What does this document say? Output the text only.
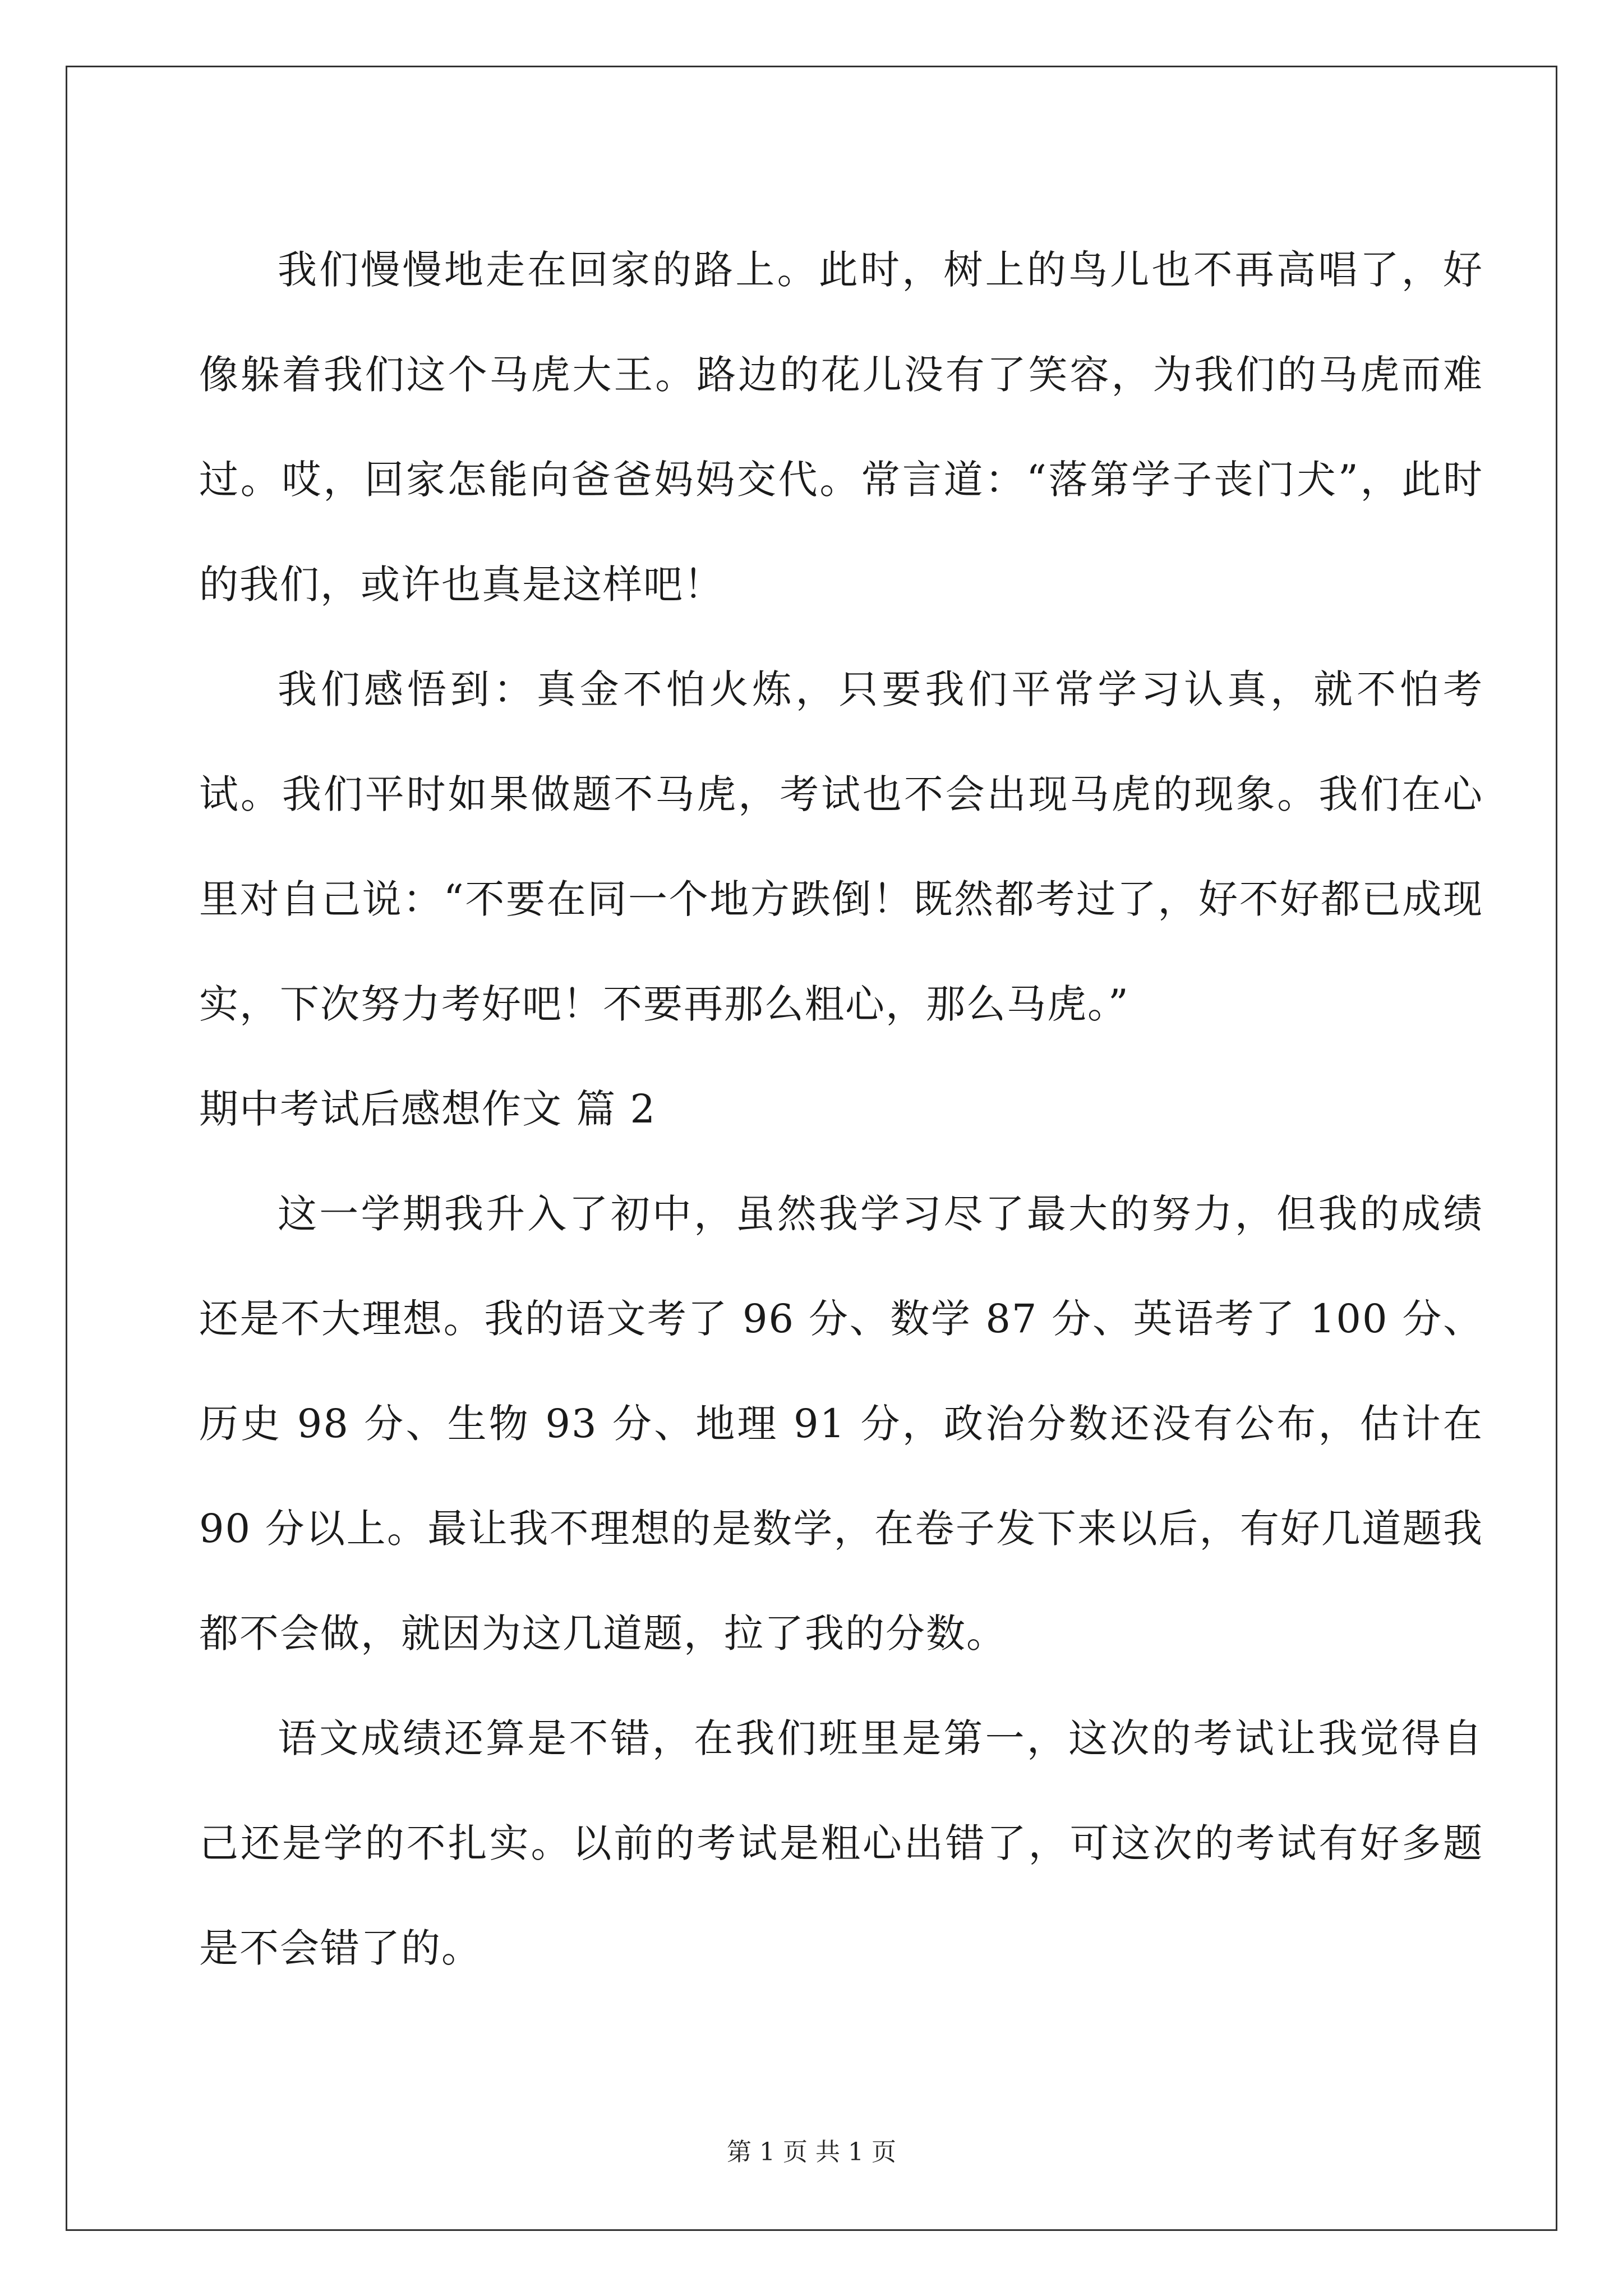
我们慢慢地走在回家的路上。此时，树上的鸟儿也不再高唱了，好像躲着我们这个马虎大王。路边的花儿没有了笑容，为我们的马虎而难过。哎，回家怎能向爸爸妈妈交代。常言道：“落第学子丧门犬”，此时的我们，或许也真是这样吧！

我们感悟到：真金不怕火炼，只要我们平常学习认真，就不怕考试。我们平时如果做题不马虎，考试也不会出现马虎的现象。我们在心里对自己说：“不要在同一个地方跌倒！既然都考过了，好不好都已成现实，下次努力考好吧！不要再那么粗心，那么马虎。”

期中考试后感想作文 篇 2

这一学期我升入了初中，虽然我学习尽了最大的努力，但我的成绩还是不大理想。我的语文考了 96 分、数学 87 分、英语考了 100 分、历史 98 分、生物 93 分、地理 91 分，政治分数还没有公布，估计在 90 分以上。最让我不理想的是数学，在卷子发下来以后，有好几道题我都不会做，就因为这几道题，拉了我的分数。

语文成绩还算是不错，在我们班里是第一，这次的考试让我觉得自己还是学的不扎实。以前的考试是粗心出错了，可这次的考试有好多题是不会错了的。

第 1 页 共 1 页
